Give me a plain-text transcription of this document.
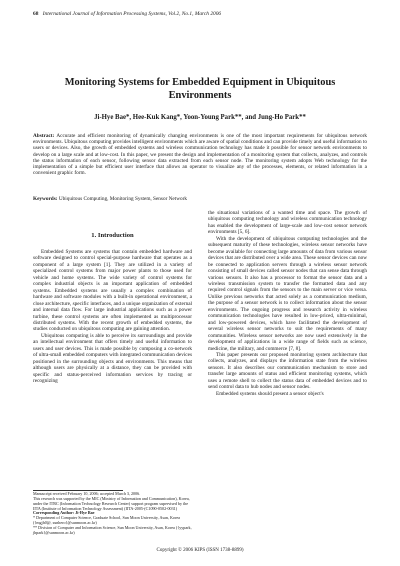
68 International Journal of Information Processing Systems, Vol.2, No.1, March 2006
Monitoring Systems for Embedded Equipment in Ubiquitous Environments
Ji-Hye Bae*, Hee-Kuk Kang*, Yoon-Young Park**, and Jung-Ho Park**
Abstract: Accurate and efficient monitoring of dynamically changing environments is one of the most important requirements for ubiquitous network environments. Ubiquitous computing provides intelligent environments which are aware of spatial conditions and can provide timely and useful information to users or devices. Also, the growth of embedded systems and wireless communication technology has made it possible for sensor network environments to develop on a large scale and at low-cost. In this paper, we present the design and implementation of a monitoring system that collects, analyzes, and controls the status information of each sensor, following sensor data extracted from each sensor node. The monitoring system adopts Web technology for the implementation of a simple but efficient user interface that allows an operator to visualize any of the processes, elements, or related information in a convenient graphic form.
Keywords: Ubiquitous Computing, Monitoring System, Sensor Network
1. Introduction

Embedded Systems are systems that contain embedded hardware and software designed to control special-purpose hardware that operates as a component of a large system [1]. They are utilized in a variety of specialized control systems from major power plants to those used for vehicle and home systems. The wide variety of control systems for complex industrial objects is an important application of embedded systems. Embedded systems are usually a complex combination of hardware and software modules with a built-in operational environment, a close architecture, specific interfaces, and a unique organization of external and internal data flow. For large industrial applications such as a power turbine, these control systems are often implemented as multiprocessor distributed systems. With the recent growth of embedded systems, the studies conducted on ubiquitous computing are gaining attention.

Ubiquitous computing is able to perceive its surroundings and provide an intellectual environment that offers timely and useful information to users and user devices. This is made possible by composing a co-network of ultra-small embedded computers with integrated communication devices positioned in the surrounding objects and environments. This means that although users are physically at a distance, they can be provided with specific and status-perceived information services by tracing or recognizing

Manuscript received February 10, 2006; accepted March 3, 2006.

This research was supported by the MIC (Ministry of Information and Communication), Korea, under the ITRC (Information Technology Research Center) support program supervised by the IITA (Institute of Information Technology Assessment) (IITA-2005-(C1090-0502-0031)

Corresponding Author: Ji-Hye Bae

* Department of Computer Science, Graduate School, Sun Moon University, Asan, Korea ({mgjh0@, sunhero}@sunmoon.ac.kr)

** Division of Computer and Information Science, Sun Moon University, Asan, Korea ({yypark, jhpark}@sunmoon.ac.kr)

the situational variations of a wanted time and space. The growth of ubiquitous computing technology and wireless communication technology has enabled the development of large-scale and low-cost sensor network environments [5, 6].

With the development of ubiquitous computing technologies and the subsequent maturity of these technologies, wireless sensor networks have become available for connecting large amounts of data from various sensor devices that are distributed over a wide area. These sensor devices can now be connected to application servers through a wireless sensor network consisting of small devices called sensor nodes that can sense data through various sensors. It also has a processor to format the sensor data and a wireless transmission system to transfer the formatted data and any required control signals from the sensors to the main server or vice versa. Unlike previous networks that acted solely as a communication medium, the purpose of a sensor network is to collect information about the sensor environments. The ongoing progress and research activity in wireless communication technologies have resulted in low-priced, ultra-minimal, and low-powered devices, which have facilitated the development of several wireless sensor networks to suit the requirements of many communities. Wireless sensor networks are now used extensively in the development of applications in a wide range of fields such as science, medicine, the military, and commerce [7, 8].

This paper presents our proposed monitoring system architecture that collects, analyzes, and displays the information state from the wireless sensors. It also describes our communication mechanism to store and transfer large amounts of status and efficient monitoring systems, which uses a remote shell to collect the status data of embedded devices and to send control data to hub nodes and sensor nodes.

Embedded systems should present a sensor object's

Copyright © 2006 KIPS (ISSN 1738-8899)
